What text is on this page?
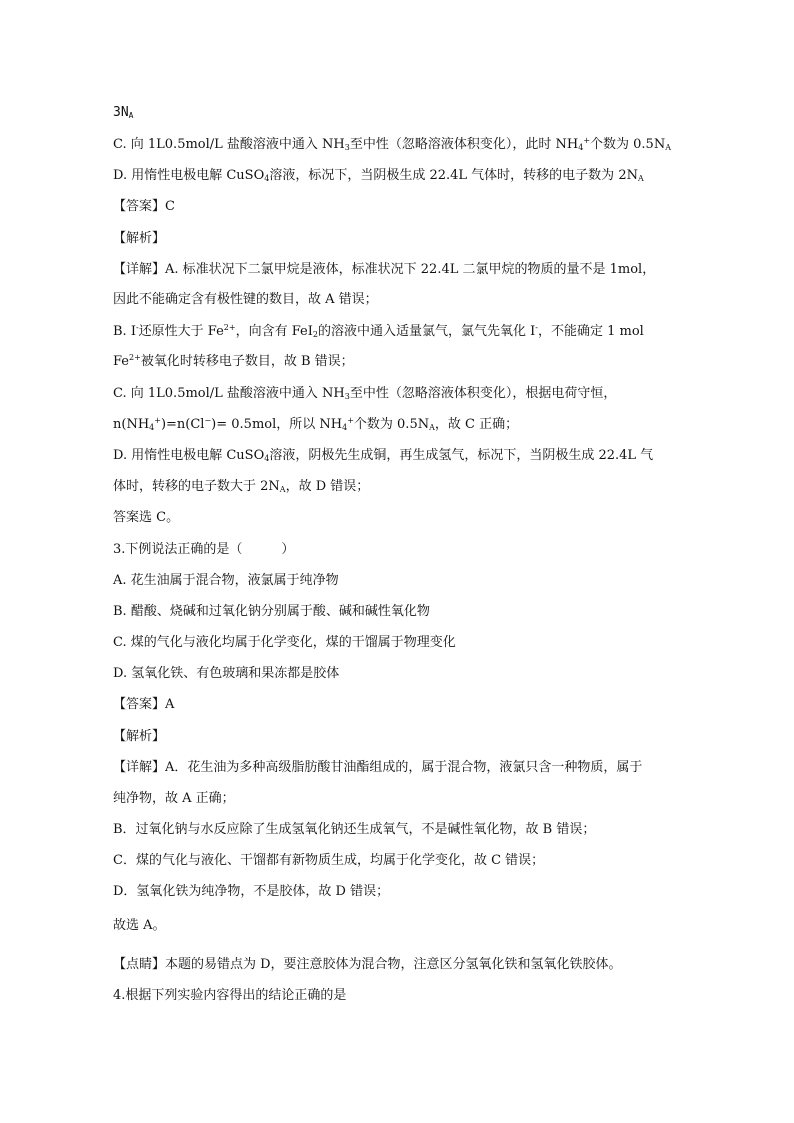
$3N_A$

C. 向 1L0.5mol/L 盐酸溶液中通入 $NH_3$至中性（忽略溶液体积变化），此时 $NH_4^+$个数为 $0.5N_A$

D. 用惰性电极电解 CuSO$_4$溶液，标况下，当阴极生成 22.4L 气体时，转移的电子数为 $2N_A$

【答案】C

【解析】

【详解】A. 标准状况下二氯甲烷是液体，标准状况下 22.4L 二氯甲烷的物质的量不是 1mol，

因此不能确定含有极性键的数目，故 A 错误；

B. I-还原性大于 $Fe^{2+}$，向含有 FeI$_2$的溶液中通入适量氯气，氯气先氧化 I-，不能确定 1 mol

$Fe^{2+}$被氧化时转移电子数目，故 B 错误；

C. 向 1L0.5mol/L 盐酸溶液中通入 $NH_3$至中性（忽略溶液体积变化），根据电荷守恒，

$n(NH_4^+)=n(Cl^-)= 0.5mol$，所以 $NH_4^+$个数为 $0.5N_A$，故 C 正确；

D. 用惰性电极电解 CuSO$_4$溶液，阴极先生成铜，再生成氢气，标况下，当阴极生成 22.4L 气

体时，转移的电子数大于 $2N_A$，故 D 错误；

答案选 C。

3.下例说法正确的是（　　　）

A. 花生油属于混合物，液氯属于纯净物

B. 醋酸、烧碱和过氧化钠分别属于酸、碱和碱性氧化物

C. 煤的气化与液化均属于化学变化，煤的干馏属于物理变化

D. 氢氧化铁、有色玻璃和果冻都是胶体

【答案】A

【解析】

【详解】A．花生油为多种高级脂肪酸甘油酯组成的，属于混合物，液氯只含一种物质，属于

纯净物，故 A 正确；

B．过氧化钠与水反应除了生成氢氧化钠还生成氧气，不是碱性氧化物，故 B 错误；

C．煤的气化与液化、干馏都有新物质生成，均属于化学变化，故 C 错误；

D．氢氧化铁为纯净物，不是胶体，故 D 错误；

故选 A。

【点睛】本题的易错点为 D，要注意胶体为混合物，注意区分氢氧化铁和氢氧化铁胶体。

4.根据下列实验内容得出的结论正确的是
